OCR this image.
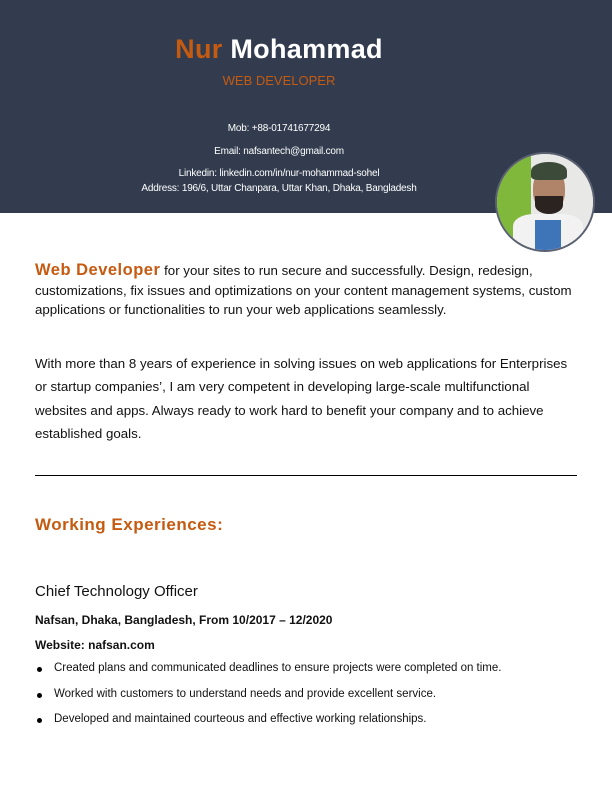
Nur Mohammad
WEB DEVELOPER
Mob: +88-01741677294
Email: nafsantech@gmail.com
Linkedin: linkedin.com/in/nur-mohammad-sohel
Address: 196/6, Uttar Chanpara, Uttar Khan, Dhaka, Bangladesh
Web Developer for your sites to run secure and successfully. Design, redesign, customizations, fix issues and optimizations on your content management systems, custom applications or functionalities to run your web applications seamlessly.
With more than 8 years of experience in solving issues on web applications for Enterprises or startup companies’, I am very competent in developing large-scale multifunctional websites and apps. Always ready to work hard to benefit your company and to achieve established goals.
Working Experiences:
Chief Technology Officer
Nafsan, Dhaka, Bangladesh, From 10/2017 – 12/2020
Website: nafsan.com
Created plans and communicated deadlines to ensure projects were completed on time.
Worked with customers to understand needs and provide excellent service.
Developed and maintained courteous and effective working relationships.
